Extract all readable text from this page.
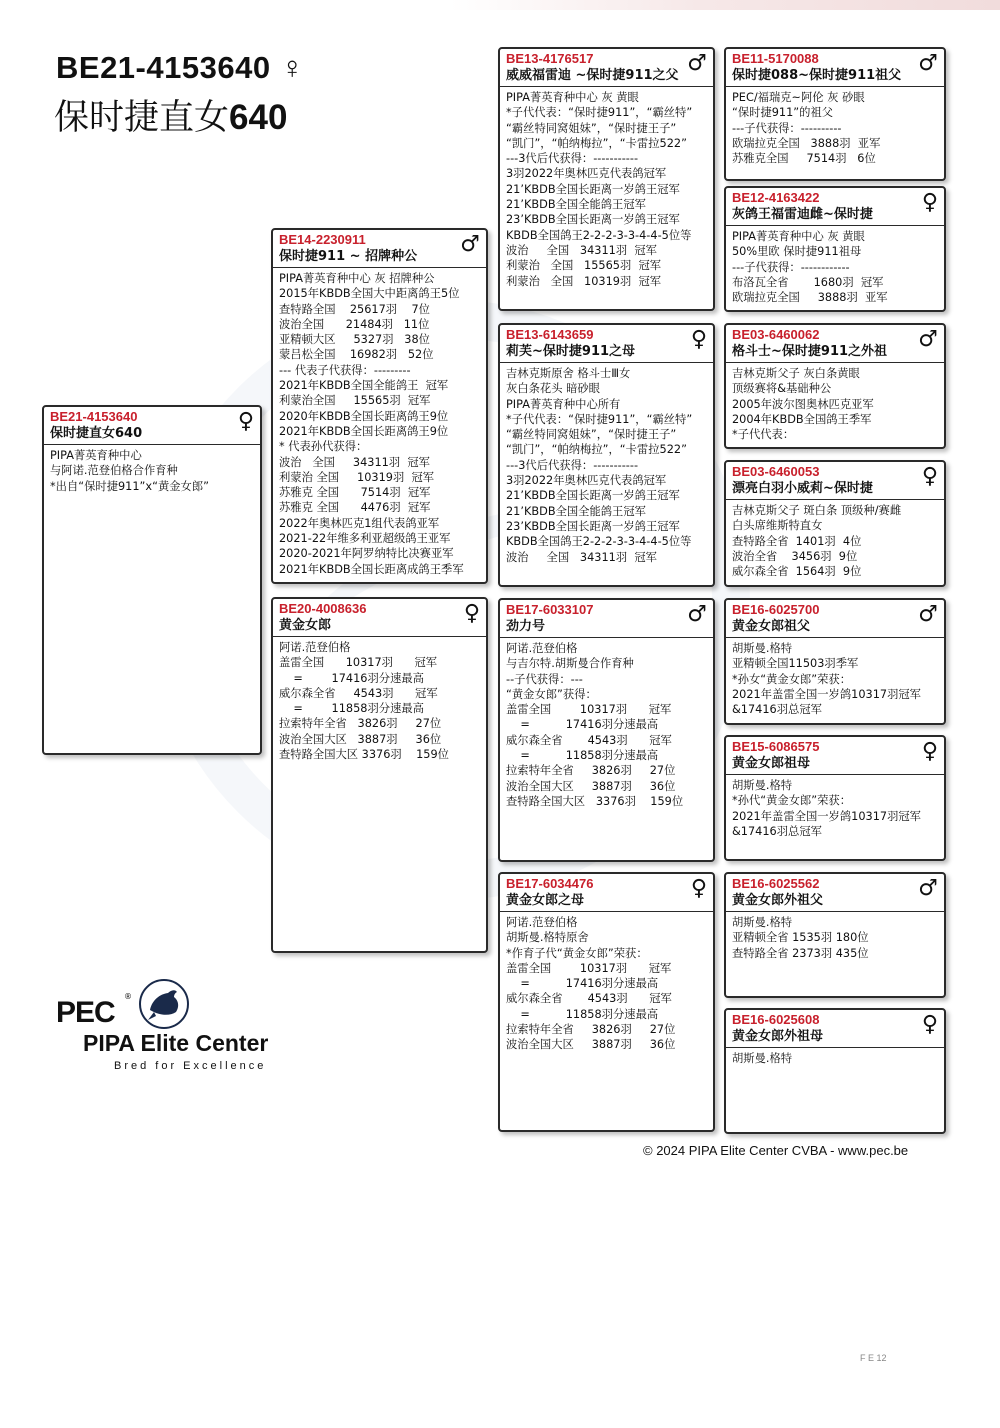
BE21-4153640 ♀
保时捷直女640
BE21-4153640
保时捷直女640	♀
PIPA菁英育种中心
与阿诺.范登伯格合作育种
*出自“保时捷911”x“黄金女郎”
BE14-2230911
保时捷911 ~ 招牌种公	♂
PIPA菁英育种中心 灰 招牌种公
2015年KBDB全国大中距离鸽王5位
查特路全国    25617羽    7位
波治全国      21484羽   11位
亚精顿大区     5327羽   38位
蒙吕松全国    16982羽   52位
--- 代表子代获得：---------
2021年KBDB全国全能鸽王  冠军
利蒙治全国     15565羽  冠军
2020年KBDB全国长距离鸽王9位
2021年KBDB全国长距离鸽王9位
* 代表孙代获得：
波治   全国     34311羽  冠军
利蒙治 全国     10319羽  冠军
苏雅克 全国      7514羽  冠军
苏雅克 全国      4476羽  冠军
2022年奥林匹克1组代表鸽亚军
2021-22年维多利亚超级鸽王亚军
2020-2021年阿罗纳特比决赛亚军
2021年KBDB全国长距离成鸽王季军
BE20-4008636
黄金女郎	♀
阿诺.范登伯格
盖雷全国      10317羽      冠军
=        17416羽分速最高
威尔森全省     4543羽      冠军
=        11858羽分速最高
拉索特年全省   3826羽     27位
波治全国大区   3887羽     36位
查特路全国大区 3376羽    159位
BE13-4176517
威威福雷迪 ~保时捷911之父 ♂
PIPA菁英育种中心 灰 黄眼
*子代代表：“保时捷911”，“霸丝特”
“霸丝特同窝姐妹”，“保时捷王子”
“凯门”，“帕纳梅拉”，“卡雷拉522”
---3代后代获得：-----------
3羽2022年奥林匹克代表鸽冠军
21’KBDB全国长距离一岁鸽王冠军
21’KBDB全国全能鸽王冠军
23’KBDB全国长距离一岁鸽王冠军
KBDB全国鸽王2-2-2-3-3-4-4-5位等
波治     全国   34311羽  冠军
利蒙治   全国   15565羽  冠军
利蒙治   全国   10319羽  冠军
BE13-6143659
莉芙~保时捷911之母	♀
吉林克斯原舍 格斗士Ⅲ女
灰白条花头 暗砂眼
PIPA菁英育种中心所有
*子代代表：“保时捷911”，“霸丝特”
“霸丝特同窝姐妹”，“保时捷王子”
“凯门”，“帕纳梅拉”，“卡雷拉522”
---3代后代获得：-----------
3羽2022年奥林匹克代表鸽冠军
21’KBDB全国长距离一岁鸽王冠军
21’KBDB全国全能鸽王冠军
23’KBDB全国长距离一岁鸽王冠军
KBDB全国鸽王2-2-2-3-3-4-4-5位等
波治     全国   34311羽  冠军
BE17-6033107
劲力号	♂
阿诺.范登伯格
与吉尔特.胡斯曼合作育种
--子代获得：---
“黄金女郎”获得：
盖雷全国        10317羽      冠军
=          17416羽分速最高
威尔森全省       4543羽      冠军
=          11858羽分速最高
拉索特年全省     3826羽     27位
波治全国大区     3887羽     36位
查特路全国大区   3376羽    159位
BE17-6034476
黄金女郎之母	♀
阿诺.范登伯格
胡斯曼.格特原舍
*作育子代“黄金女郎”荣获：
盖雷全国        10317羽      冠军
=          17416羽分速最高
威尔森全省       4543羽      冠军
=          11858羽分速最高
拉索特年全省     3826羽     27位
波治全国大区     3887羽     36位
BE11-5170088
保时捷088~保时捷911祖父 ♂
PEC/福瑞克~阿伦 灰 砂眼
“保时捷911”的祖父
---子代获得：----------
欧瑞拉克全国   3888羽  亚军
苏雅克全国     7514羽   6位
BE12-4163422
灰鸽王福雷迪雌~保时捷	♀
PIPA菁英育种中心 灰 黄眼
50%里欧 保时捷911祖母
---子代获得：------------
布洛瓦全省       1680羽  冠军
欧瑞拉克全国     3888羽  亚军
BE03-6460062
格斗士~保时捷911之外祖	♂
吉林克斯父子 灰白条黄眼
顶级赛将&基础种公
2005年波尔图奥林匹克亚军
2004年KBDB全国鸽王季军
*子代代表：
BE03-6460053
漂亮白羽小威莉~保时捷	♀
吉林克斯父子 斑白条 顶级种/赛雌
白头席维斯特直女
查特路全省  1401羽  4位
波治全省    3456羽  9位
威尔森全省  1564羽  9位
BE16-6025700
黄金女郎祖父	♂
胡斯曼.格特
亚精顿全国11503羽季军
*孙女“黄金女郎”荣获：
2021年盖雷全国一岁鸽10317羽冠军
&17416羽总冠军
BE15-6086575
黄金女郎祖母	♀
胡斯曼.格特
*孙代“黄金女郎”荣获：
2021年盖雷全国一岁鸽10317羽冠军
&17416羽总冠军
BE16-6025562
黄金女郎外祖父	♂
胡斯曼.格特
亚精顿全省 1535羽 180位
查特路全省 2373羽 435位
BE16-6025608
黄金女郎外祖母	♀
胡斯曼.格特
PEC ®
PIPA Elite Center
Bred for Excellence
© 2024 PIPA Elite Center CVBA - www.pec.be
F E 12
